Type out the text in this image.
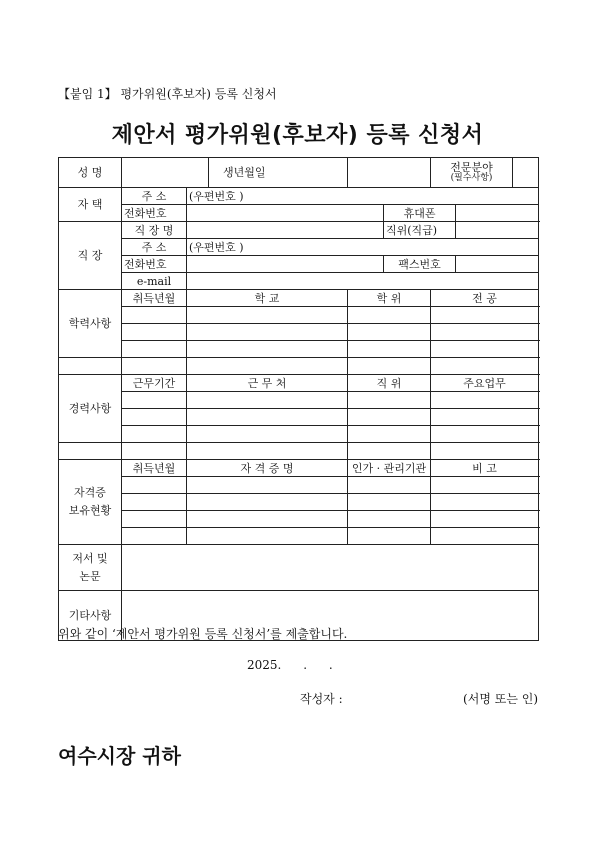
【붙임 1】 평가위원(후보자) 등록 신청서
제안서 평가위원(후보자) 등록 신청서
성 명			생년월일			전문분야
(필수사항)		

자 택	주 소	(우편번호 )						
	전화번호				휴대폰			
직 장	직 장 명				직위(직급)			
	주 소	(우편번호 )						
	전화번호				팩스번호			
	e-mail							
학력사항	취득년월	학 교		학 위		전 공		

경력사항	근무기간	근 무 처		직 위		주요업무		

자격증
보유현황	취득년월	자 격 증 명		인가 · 관리기관		비 고		

저서 및
논문								

기타사항								
위와 같이 ‘제안서 평가위원 등록 신청서’를 제출합니다.
2025. . .
작성자 :	(서명 또는 인)
여수시장 귀하
